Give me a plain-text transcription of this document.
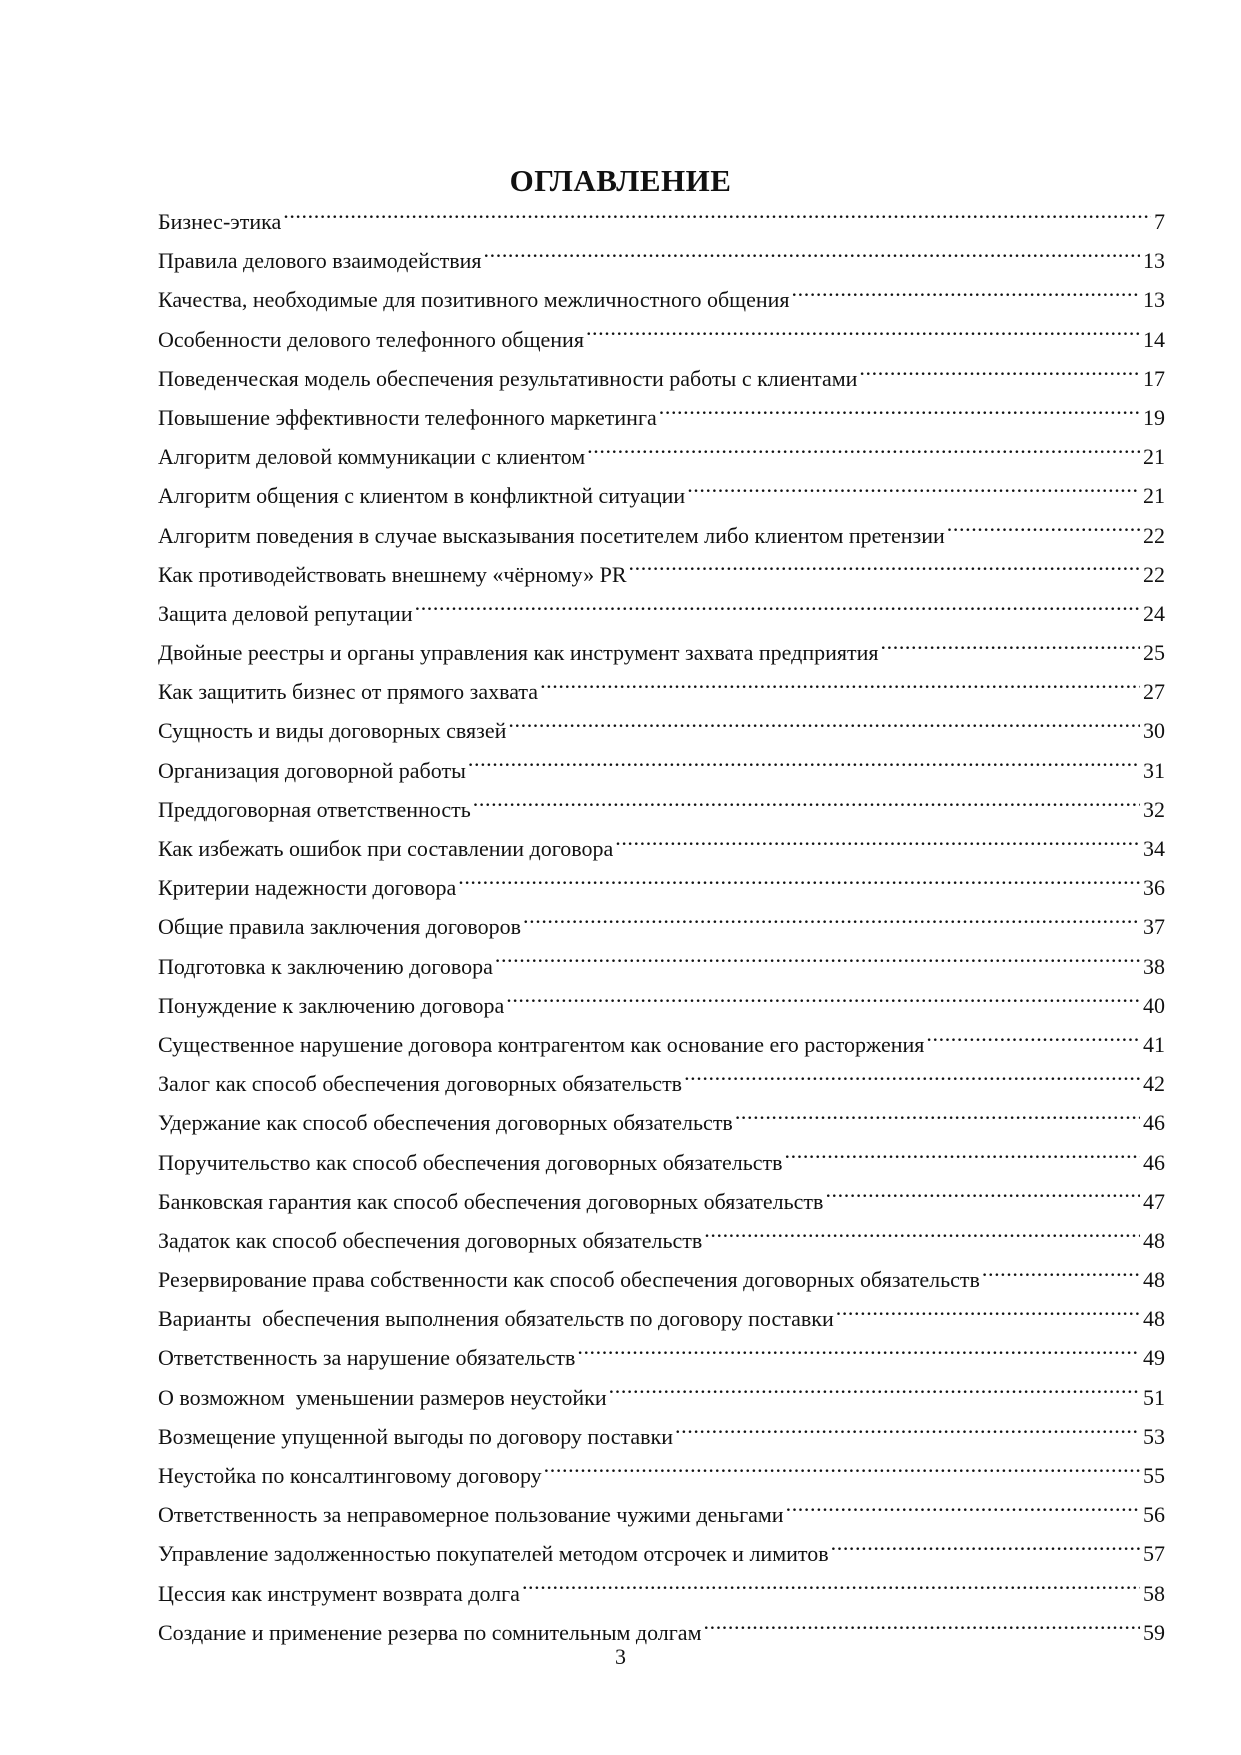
ОГЛАВЛЕНИЕ
Бизнес-этика .....	7
Правила делового взаимодействия .....	13
Качества, необходимые для позитивного межличностного общения .....	13
Особенности делового телефонного общения .....	14
Поведенческая модель обеспечения результативности работы с клиентами .....	17
Повышение эффективности телефонного маркетинга .....	19
Алгоритм деловой коммуникации с клиентом .....	21
Алгоритм общения с клиентом в конфликтной ситуации .....	21
Алгоритм поведения в случае высказывания посетителем либо клиентом претензии .....	22
Как противодействовать внешнему «чёрному» PR .....	22
Защита деловой репутации .....	24
Двойные реестры и органы управления как инструмент захвата предприятия .....	25
Как защитить бизнес от прямого захвата .....	27
Сущность и виды договорных связей .....	30
Организация договорной работы .....	31
Преддоговорная ответственность .....	32
Как избежать ошибок при составлении договора .....	34
Критерии надежности договора .....	36
Общие правила заключения договоров .....	37
Подготовка к заключению договора .....	38
Понуждение к заключению договора .....	40
Существенное нарушение договора контрагентом как основание его расторжения .....	41
Залог как способ обеспечения договорных обязательств .....	42
Удержание как способ обеспечения договорных обязательств .....	46
Поручительство как способ обеспечения договорных обязательств .....	46
Банковская гарантия как способ обеспечения договорных обязательств .....	47
Задаток как способ обеспечения договорных обязательств .....	48
Резервирование права собственности как способ обеспечения договорных обязательств .....	48
Варианты  обеспечения выполнения обязательств по договору поставки .....	48
Ответственность за нарушение обязательств .....	49
О возможном  уменьшении размеров неустойки .....	51
Возмещение упущенной выгоды по договору поставки .....	53
Неустойка по консалтинговому договору .....	55
Ответственность за неправомерное пользование чужими деньгами .....	56
Управление задолженностью покупателей методом отсрочек и лимитов .....	57
Цессия как инструмент возврата долга .....	58
Создание и применение резерва по сомнительным долгам .....	59
3
